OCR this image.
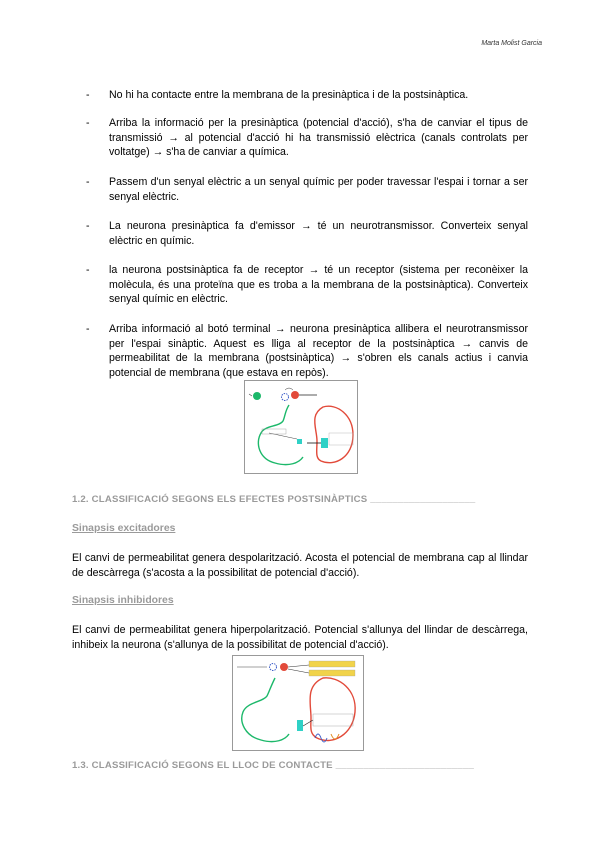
Marta Molist Garcia
- No hi ha contacte entre la membrana de la presinàptica i de la postsinàptica.
- Arriba la informació per la presinàptica (potencial d'acció), s'ha de canviar el tipus de transmissió → al potencial d'acció hi ha transmissió elèctrica (canals controlats per voltatge) → s'ha de canviar a química.
- Passem d'un senyal elèctric a un senyal químic per poder travessar l'espai i tornar a ser senyal elèctric.
- La neurona presinàptica fa d'emissor → té un neurotransmissor. Converteix senyal elèctric en químic.
- la neurona postsinàptica fa de receptor → té un receptor (sistema per reconèixer la molècula, és una proteïna que es troba a la membrana de la postsinàptica). Converteix senyal químic en elèctric.
- Arriba informació al botó terminal → neurona presinàptica allibera el neurotransmissor per l'espai sinàptic. Aquest es lliga al receptor de la postsinàptica → canvis de permeabilitat de la membrana (postsinàptica) → s'obren els canals actius i canvia potencial de membrana (que estava en repòs).
1.2. CLASSIFICACIÓ SEGONS ELS EFECTES POSTSINÀPTICS ___________________
Sinapsis excitadores
El canvi de permeabilitat genera despolarització. Acosta el potencial de membrana cap al llindar de descàrrega (s'acosta a la possibilitat de potencial d'acció).
Sinapsis inhibidores
El canvi de permeabilitat genera hiperpolarització. Potencial s'allunya del llindar de descàrrega, inhibeix la neurona (s'allunya de la possibilitat de potencial d'acció).
1.3. CLASSIFICACIÓ SEGONS EL LLOC DE CONTACTE _________________________
